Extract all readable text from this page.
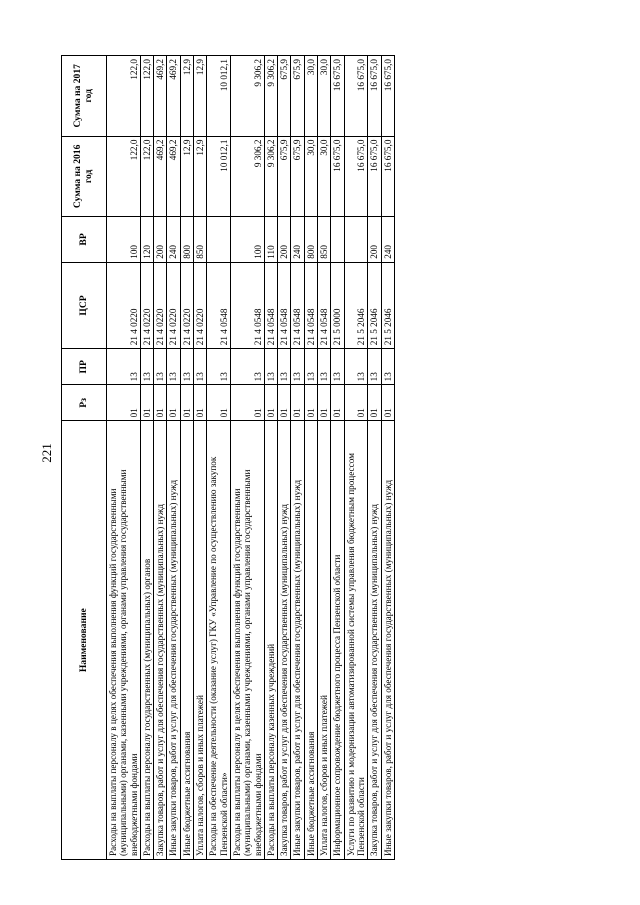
221
Наименование	Рз	ПР	ЦСР	ВР	Сумма на 2016 год	Сумма на 2017 год
Расходы на выплаты персоналу в целях обеспечения выполнения функций государственными (муниципальными) органами, казенными учреждениями, органами управления государственными внебюджетными фондами	01	13	21 4 0220	100	122,0	122,0
Расходы на выплаты персоналу государственных (муниципальных) органов	01	13	21 4 0220	120	122,0	122,0
Закупка товаров, работ и услуг для обеспечения государственных (муниципальных) нужд	01	13	21 4 0220	200	469,2	469,2
Иные закупки товаров, работ и услуг для обеспечения государственных (муниципальных) нужд	01	13	21 4 0220	240	469,2	469,2
Иные бюджетные ассигнования	01	13	21 4 0220	800	12,9	12,9
Уплата налогов, сборов и иных платежей	01	13	21 4 0220	850	12,9	12,9
Расходы на обеспечение деятельности (оказание услуг) ГКУ «Управление по осуществлению закупок Пензенской области»	01	13	21 4 0548		10 012,1	10 012,1
Расходы на выплаты персоналу в целях обеспечения выполнения функций государственными (муниципальными) органами, казенными учреждениями, органами управления государственными внебюджетными фондами	01	13	21 4 0548	100	9 306,2	9 306,2
Расходы на выплаты персоналу казенных учреждений	01	13	21 4 0548	110	9 306,2	9 306,2
Закупка товаров, работ и услуг для обеспечения государственных (муниципальных) нужд	01	13	21 4 0548	200	675,9	675,9
Иные закупки товаров, работ и услуг для обеспечения государственных (муниципальных) нужд	01	13	21 4 0548	240	675,9	675,9
Иные бюджетные ассигнования	01	13	21 4 0548	800	30,0	30,0
Уплата налогов, сборов и иных платежей	01	13	21 4 0548	850	30,0	30,0
Информационное сопровождение бюджетного процесса Пензенской области	01	13	21 5 0000		16 675,0	16 675,0
Услуги по развитию и модернизации автоматизированной системы управления бюджетным процессом Пензенской области	01	13	21 5 2046		16 675,0	16 675,0
Закупка товаров, работ и услуг для обеспечения государственных (муниципальных) нужд	01	13	21 5 2046	200	16 675,0	16 675,0
Иные закупки товаров, работ и услуг для обеспечения государственных (муниципальных) нужд	01	13	21 5 2046	240	16 675,0	16 675,0
